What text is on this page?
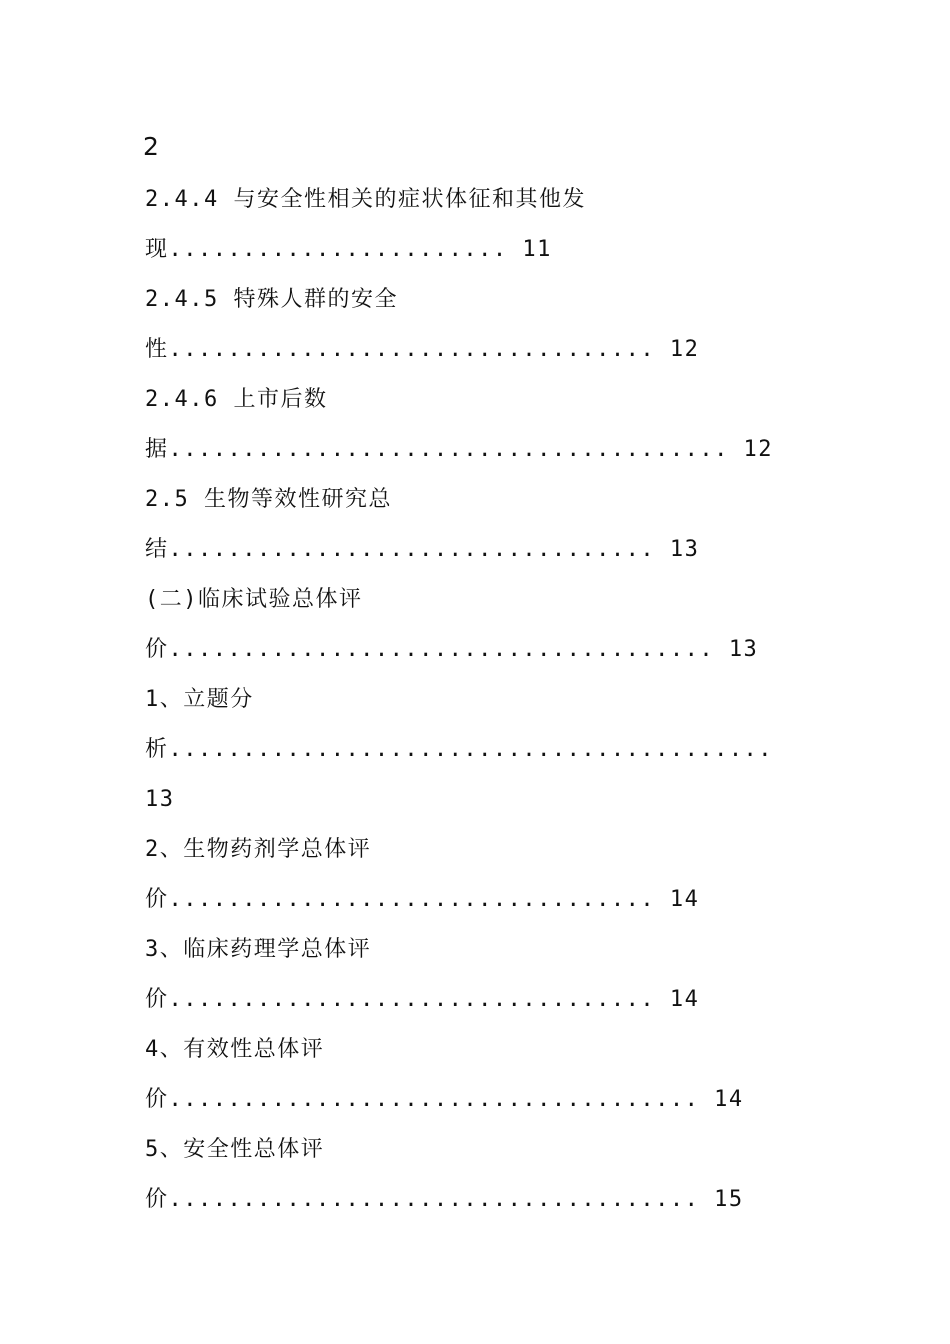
2
2.4.4 与安全性相关的症状体征和其他发
现....................... 11
2.4.5 特殊人群的安全
性................................. 12
2.4.6 上市后数
据...................................... 12
2.5 生物等效性研究总
结................................. 13
(二)临床试验总体评
价..................................... 13
1、立题分
析.........................................
13
2、生物药剂学总体评
价................................. 14
3、临床药理学总体评
价................................. 14
4、有效性总体评
价.................................... 14
5、安全性总体评
价.................................... 15
